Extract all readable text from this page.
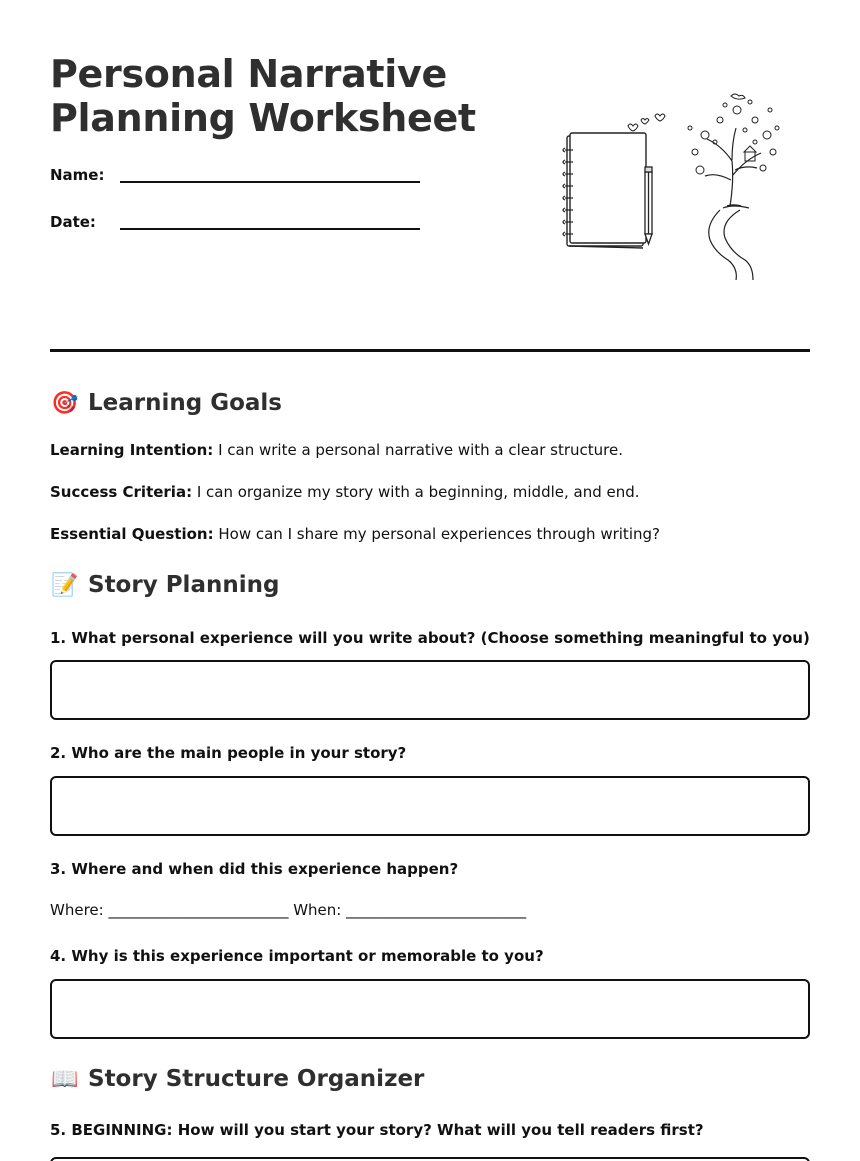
Personal Narrative
Planning Worksheet
Name:
Date:
🎯 Learning Goals
Learning Intention: I can write a personal narrative with a clear structure.
Success Criteria: I can organize my story with a beginning, middle, and end.
Essential Question: How can I share my personal experiences through writing?
📝 Story Planning
1. What personal experience will you write about? (Choose something meaningful to you)
2. Who are the main people in your story?
3. Where and when did this experience happen?
Where: ________________________ When: ________________________
4. Why is this experience important or memorable to you?
📖 Story Structure Organizer
5. BEGINNING: How will you start your story? What will you tell readers first?
